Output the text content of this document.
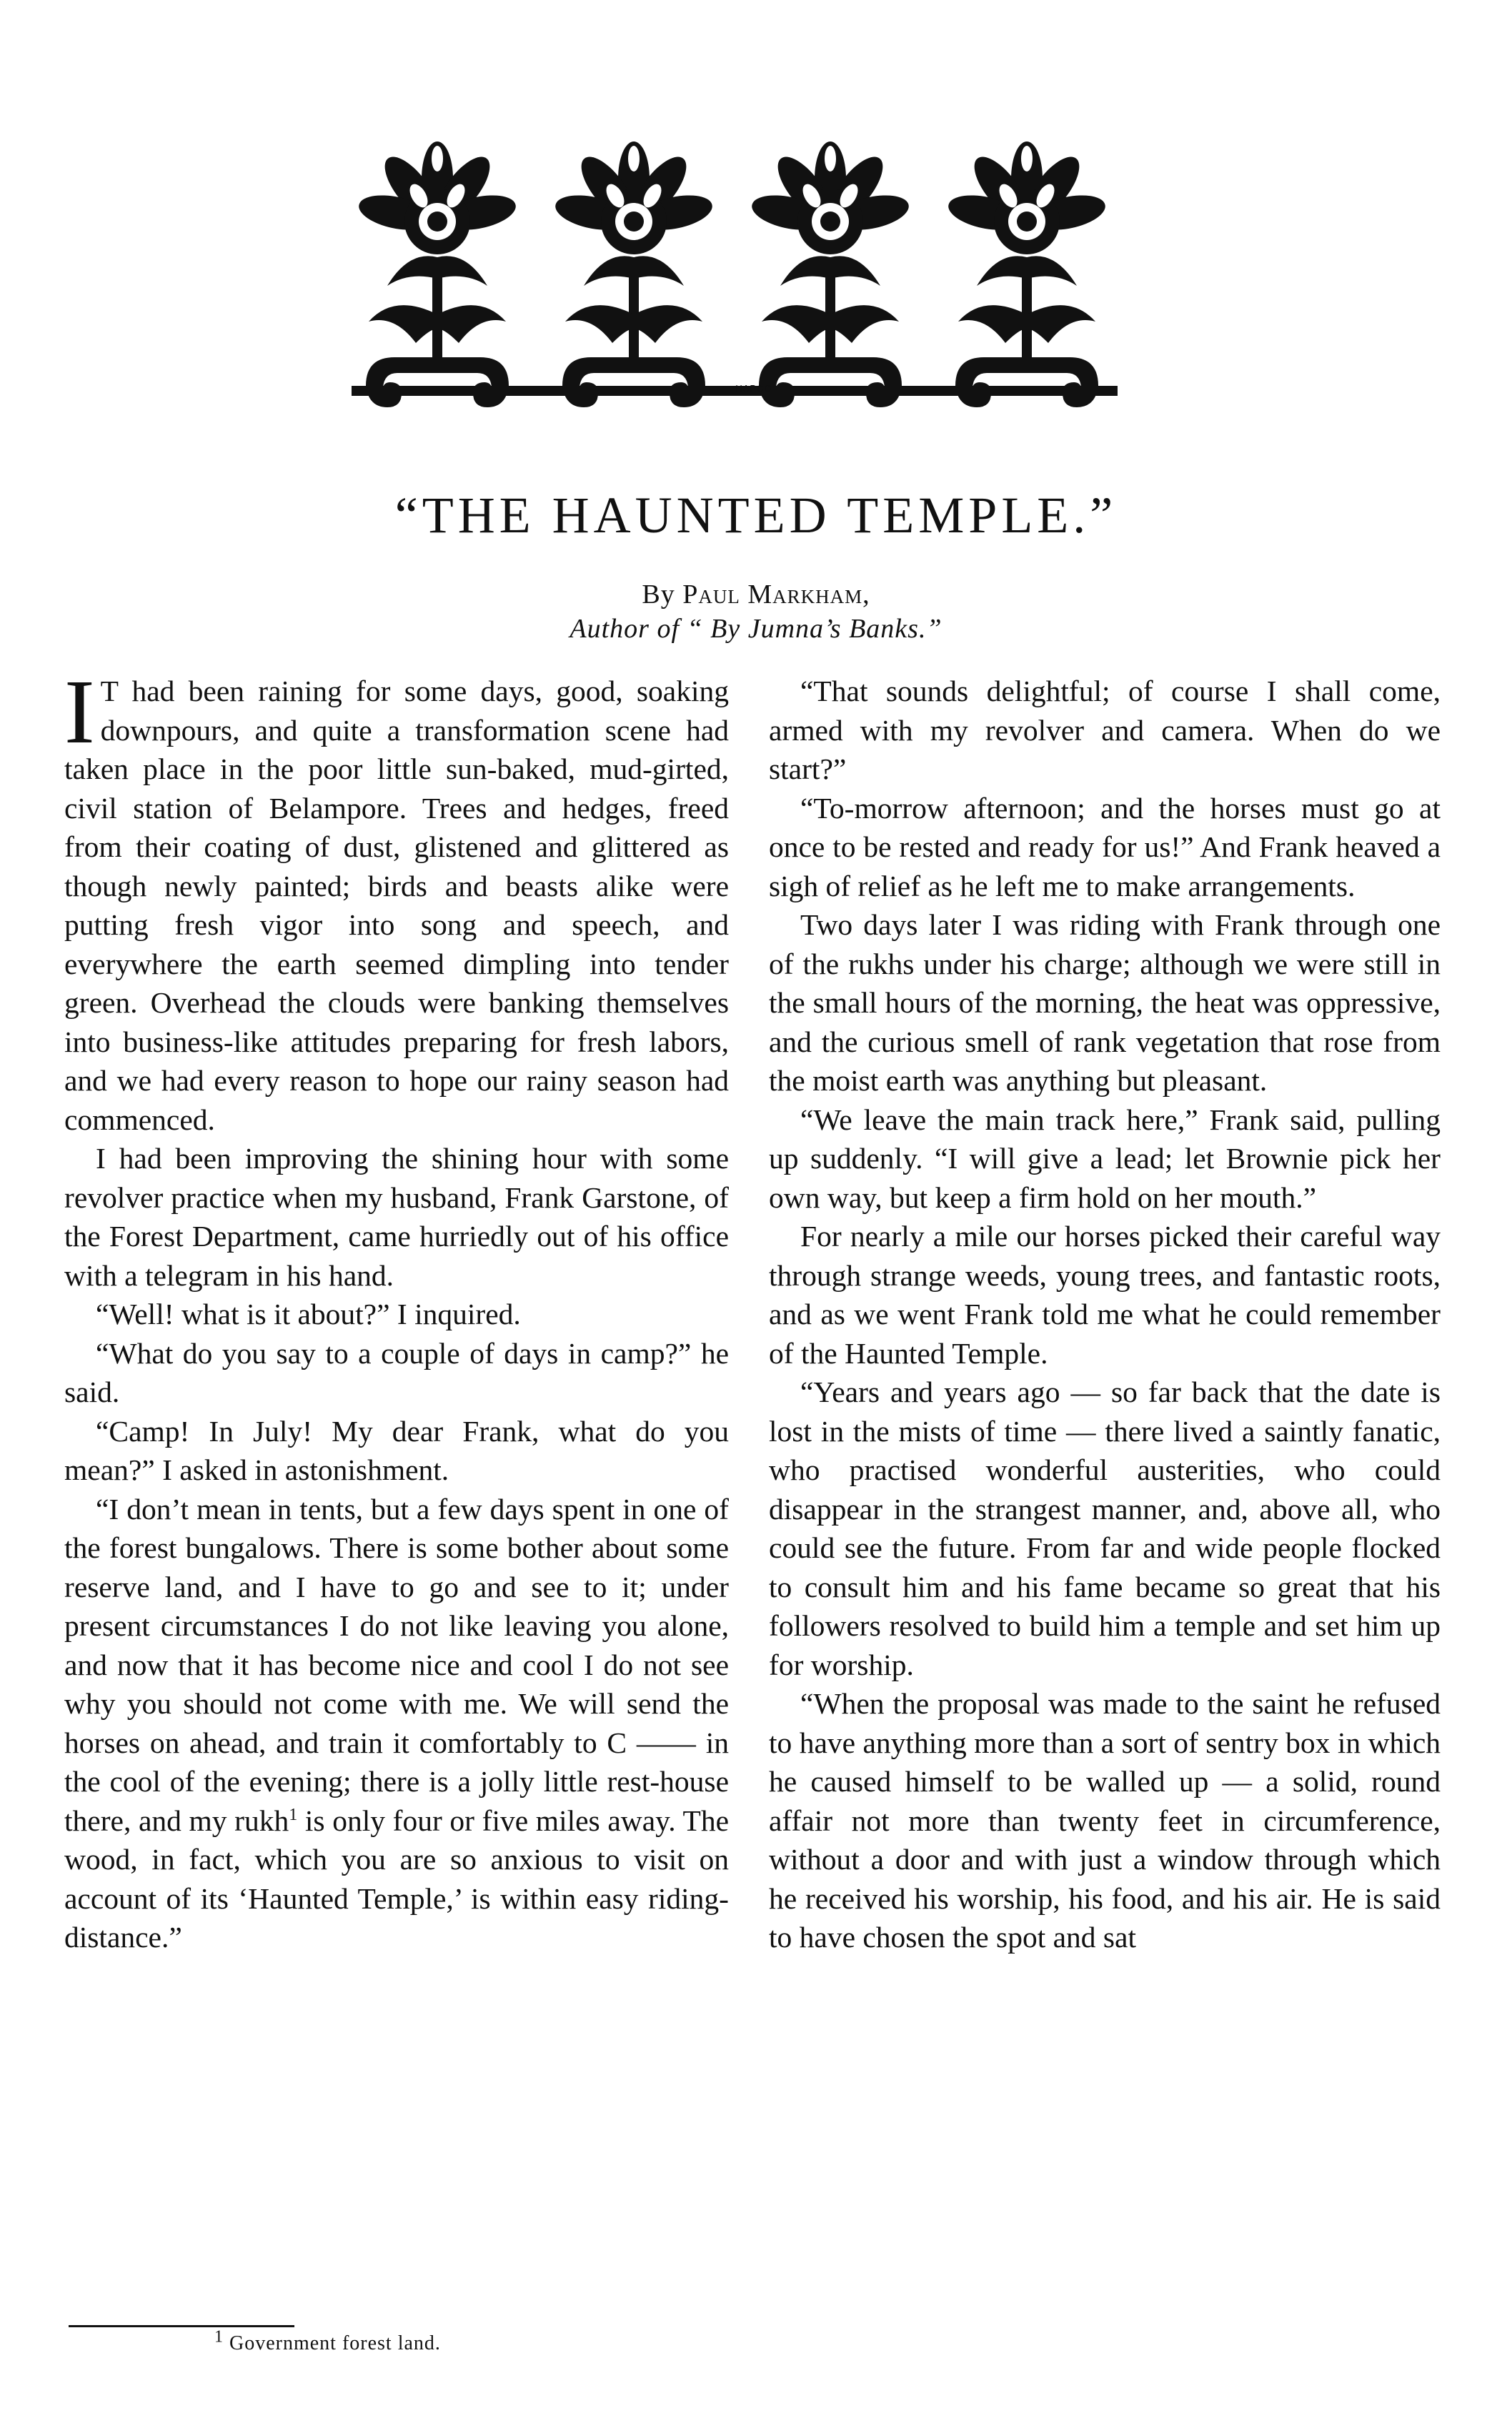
HAPCO
“THE HAUNTED TEMPLE.”
By Paul Markham,
Author of “ By Jumna’s Banks.”

I T had been raining for some days, good, soaking downpours, and quite a transformation scene had taken place in the poor little sun-baked, mud-girted, civil station of Belampore. Trees and hedges, freed from their coating of dust, glistened and glittered as though newly painted; birds and beasts alike were putting fresh vigor into song and speech, and everywhere the earth seemed dimpling into tender green. Overhead the clouds were banking themselves into business-like attitudes preparing for fresh labors, and we had every reason to hope our rainy season had commenced.

I had been improving the shining hour with some revolver practice when my husband, Frank Garstone, of the Forest Department, came hurriedly out of his office with a telegram in his hand.

“Well! what is it about?” I inquired.

“What do you say to a couple of days in camp?” he said.

“Camp! In July! My dear Frank, what do you mean?” I asked in astonishment.

“I don’t mean in tents, but a few days spent in one of the forest bungalows. There is some bother about some reserve land, and I have to go and see to it; under present circumstances I do not like leaving you alone, and now that it has become nice and cool I do not see why you should not come with me. We will send the horses on ahead, and train it comfortably to C —— in the cool of the evening; there is a jolly little rest-house there, and my rukh$^1$ is only four or five miles away. The wood, in fact, which you are so anxious to visit on account of its ‘Haunted Temple,’ is within easy riding-distance.”

“That sounds delightful; of course I shall come, armed with my revolver and camera. When do we start?”

“To-morrow afternoon; and the horses must go at once to be rested and ready for us!” And Frank heaved a sigh of relief as he left me to make arrangements.

Two days later I was riding with Frank through one of the rukhs under his charge; although we were still in the small hours of the morning, the heat was oppressive, and the curious smell of rank vegetation that rose from the moist earth was anything but pleasant.

“We leave the main track here,” Frank said, pulling up suddenly. “I will give a lead; let Brownie pick her own way, but keep a firm hold on her mouth.”

For nearly a mile our horses picked their careful way through strange weeds, young trees, and fantastic roots, and as we went Frank told me what he could remember of the Haunted Temple.

“Years and years ago — so far back that the date is lost in the mists of time — there lived a saintly fanatic, who practised wonderful austerities, who could disappear in the strangest manner, and, above all, who could see the future. From far and wide people flocked to consult him and his fame became so great that his followers resolved to build him a temple and set him up for worship.

“When the proposal was made to the saint he refused to have anything more than a sort of sentry box in which he caused himself to be walled up — a solid, round affair not more than twenty feet in circumference, without a door and with just a window through which he received his worship, his food, and his air. He is said to have chosen the spot and sat

$^1$ Government forest land.
